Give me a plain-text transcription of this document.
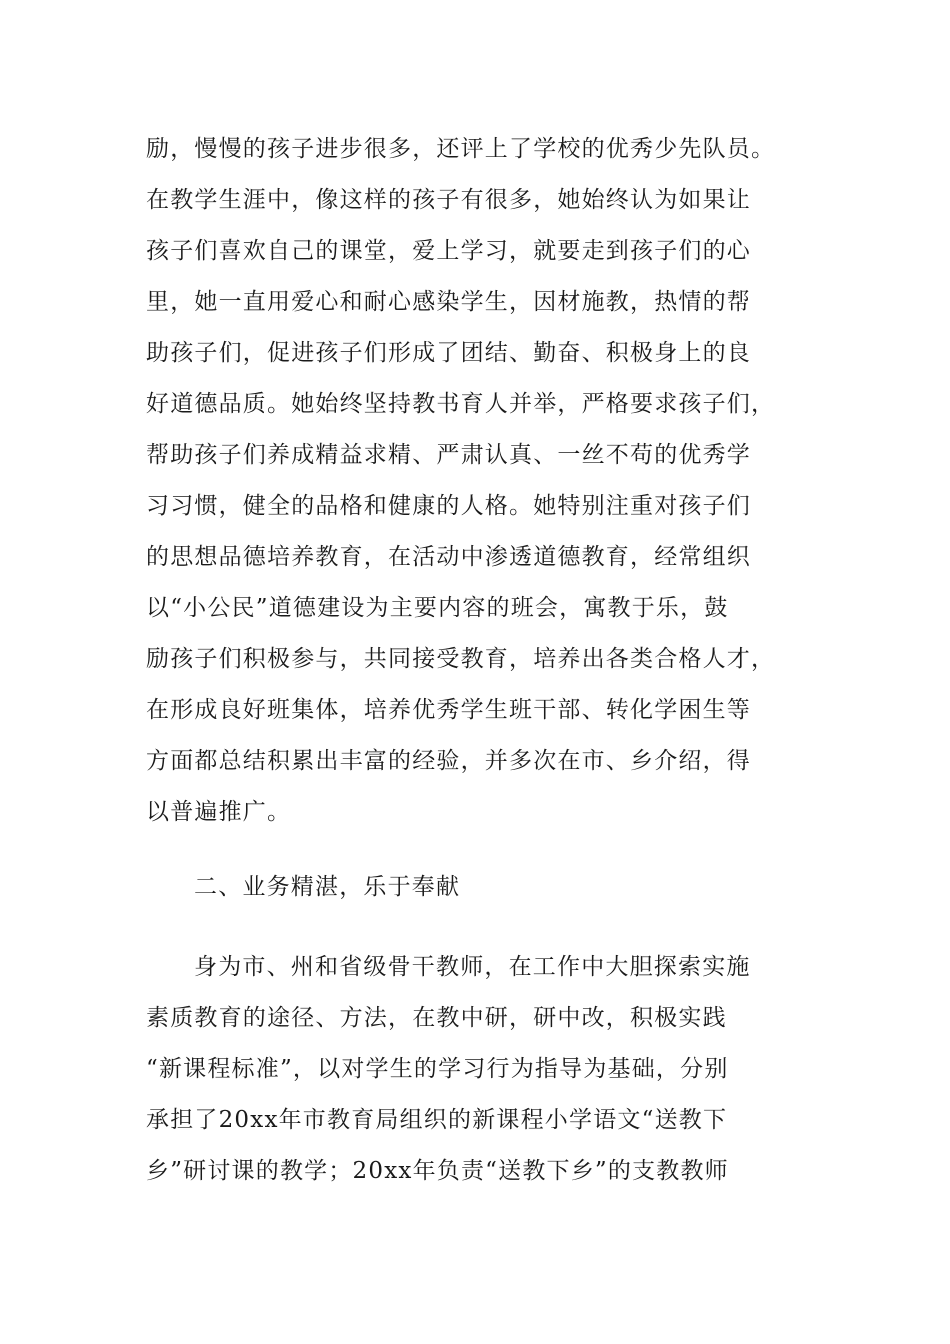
励，慢慢的孩子进步很多，还评上了学校的优秀少先队员。
在教学生涯中，像这样的孩子有很多，她始终认为如果让
孩子们喜欢自己的课堂，爱上学习，就要走到孩子们的心
里，她一直用爱心和耐心感染学生，因材施教，热情的帮
助孩子们，促进孩子们形成了团结、勤奋、积极身上的良
好道德品质。她始终坚持教书育人并举，严格要求孩子们，
帮助孩子们养成精益求精、严肃认真、一丝不苟的优秀学
习习惯，健全的品格和健康的人格。她特别注重对孩子们
的思想品德培养教育，在活动中渗透道德教育，经常组织
以“小公民”道德建设为主要内容的班会，寓教于乐，鼓
励孩子们积极参与，共同接受教育，培养出各类合格人才，
在形成良好班集体，培养优秀学生班干部、转化学困生等
方面都总结积累出丰富的经验，并多次在市、乡介绍，得
以普遍推广。
二、业务精湛，乐于奉献
身为市、州和省级骨干教师，在工作中大胆探索实施
素质教育的途径、方法，在教中研，研中改，积极实践
“新课程标准”，以对学生的学习行为指导为基础，分别
承担了20xx年市教育局组织的新课程小学语文“送教下
乡”研讨课的教学；20xx年负责“送教下乡”的支教教师
